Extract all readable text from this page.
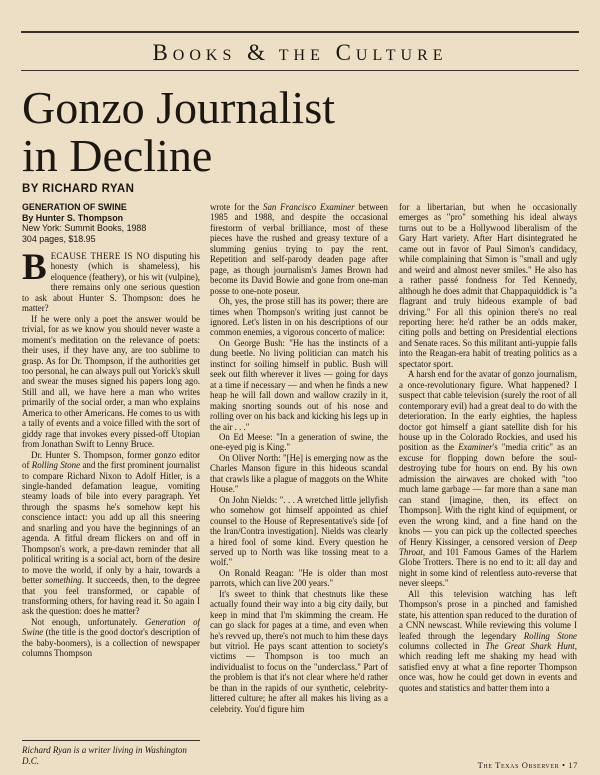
Books & the Culture
Gonzo Journalist
in Decline
BY RICHARD RYAN
GENERATION OF SWINE
By Hunter S. Thompson
New York: Summit Books, 1988
304 pages, $18.95

BECAUSE THERE IS NO disputing his honesty (which is shameless), his eloquence (feathery), or his wit (vulpine), there remains only one serious question to ask about Hunter S. Thompson: does he matter?

If he were only a poet the answer would be trivial, for as we know you should never waste a moment's meditation on the relevance of poets: their uses, if they have any, are too sublime to grasp. As for Dr. Thompson, if the authorities get too personal, he can always pull out Yorick's skull and swear the muses signed his papers long ago. Still and all, we have here a man who writes primarily of the social order, a man who explains America to other Americans. He comes to us with a tally of events and a voice filled with the sort of giddy rage that invokes every pissed-off Utopian from Jonathan Swift to Lenny Bruce.

Dr. Hunter S. Thompson, former gonzo editor of Rolling Stone and the first prominent journalist to compare Richard Nixon to Adolf Hitler, is a single-handed defamation league, vomiting steamy loads of bile into every paragraph. Yet through the spasms he's somehow kept his conscience intact: you add up all this sneering and snarling and you have the beginnings of an agenda. A fitful dream flickers on and off in Thompson's work, a pre-dawn reminder that all political writing is a social act, born of the desire to move the world, if only by a hair, towards a better something. It succeeds, then, to the degree that you feel transformed, or capable of transforming others, for having read it. So again I ask the question: does he matter?

Not enough, unfortunately. Generation of Swine (the title is the good doctor's description of the baby-boomers), is a collection of newspaper columns Thompson

wrote for the San Francisco Examiner between 1985 and 1988, and despite the occasional firestorm of verbal brilliance, most of these pieces have the rushed and greasy texture of a slumming genius trying to pay the rent. Repetition and self-parody deaden page after page, as though journalism's James Brown had become its David Bowie and gone from one-man posse to one-note poseur.

Oh, yes, the prose still has its power; there are times when Thompson's writing just cannot be ignored. Let's listen in on his descriptions of our common enemies, a vigorous concerto of malice:

On George Bush: "He has the instincts of a dung beetle. No living politician can match his instinct for soiling himself in public. Bush will seek out filth wherever it lives — going for days at a time if necessary — and when he finds a new heap he will fall down and wallow crazily in it, making snorting sounds out of his nose and rolling over on his back and kicking his legs up in the air . . ."

On Ed Meese: "In a generation of swine, the one-eyed pig is King."

On Oliver North: "[He] is emerging now as the Charles Manson figure in this hideous scandal that crawls like a plague of maggots on the White House."

On John Nields: ". . . A wretched little jellyfish who somehow got himself appointed as chief counsel to the House of Representative's side [of the Iran/Contra investigation]. Nields was clearly a hired fool of some kind. Every question he served up to North was like tossing meat to a wolf."

On Ronald Reagan: "He is older than most parrots, which can live 200 years."

It's sweet to think that chestnuts like these actually found their way into a big city daily, but keep in mind that I'm skimming the cream. He can go slack for pages at a time, and even when he's revved up, there's not much to him these days but vitriol. He pays scant attention to society's victims — Thompson is too much an individualist to focus on the "underclass." Part of the problem is that it's not clear where he'd rather be than in the rapids of our synthetic, celebrity-littered culture; he after all makes his living as a celebrity. You'd figure him

for a libertarian, but when he occasionally emerges as "pro" something his ideal always turns out to be a Hollywood liberalism of the Gary Hart variety. After Hart disintegrated he came out in favor of Paul Simon's candidacy, while complaining that Simon is "small and ugly and weird and almost never smiles." He also has a rather passé fondness for Ted Kennedy, although he does admit that Chappaquiddick is "a flagrant and truly hideous example of bad driving." For all this opinion there's no real reporting here: he'd rather be an odds maker, citing polls and betting on Presidential elections and Senate races. So this militant anti-yuppie falls into the Reagan-era habit of treating politics as a spectator sport.

A harsh end for the avatar of gonzo journalism, a once-revolutionary figure. What happened? I suspect that cable television (surely the root of all contemporary evil) had a great deal to do with the deterioration. In the early eighties, the hapless doctor got himself a giant satellite dish for his house up in the Colorado Rockies, and used his position as the Examiner's "media critic" as an excuse for flopping down before the soul-destroying tube for hours on end. By his own admission the airwaves are choked with "too much lame garbage — far more than a sane man can stand [imagine, then, its effect on Thompson]. With the right kind of equipment, or even the wrong kind, and a fine hand on the knobs — you can pick up the collected speeches of Henry Kissinger, a censored version of Deep Throat, and 101 Famous Games of the Harlem Globe Trotters. There is no end to it: all day and night in some kind of relentless auto-reverse that never sleeps."

All this television watching has left Thompson's prose in a pinched and famished state, his attention span reduced to the duration of a CNN newscast. While reviewing this volume I leafed through the legendary Rolling Stone columns collected in The Great Shark Hunt, which reading left me shaking my head with satisfied envy at what a fine reporter Thompson once was, how he could get down in events and quotes and statistics and batter them into a

Richard Ryan is a writer living in Washington D.C.	The Texas Observer • 17
